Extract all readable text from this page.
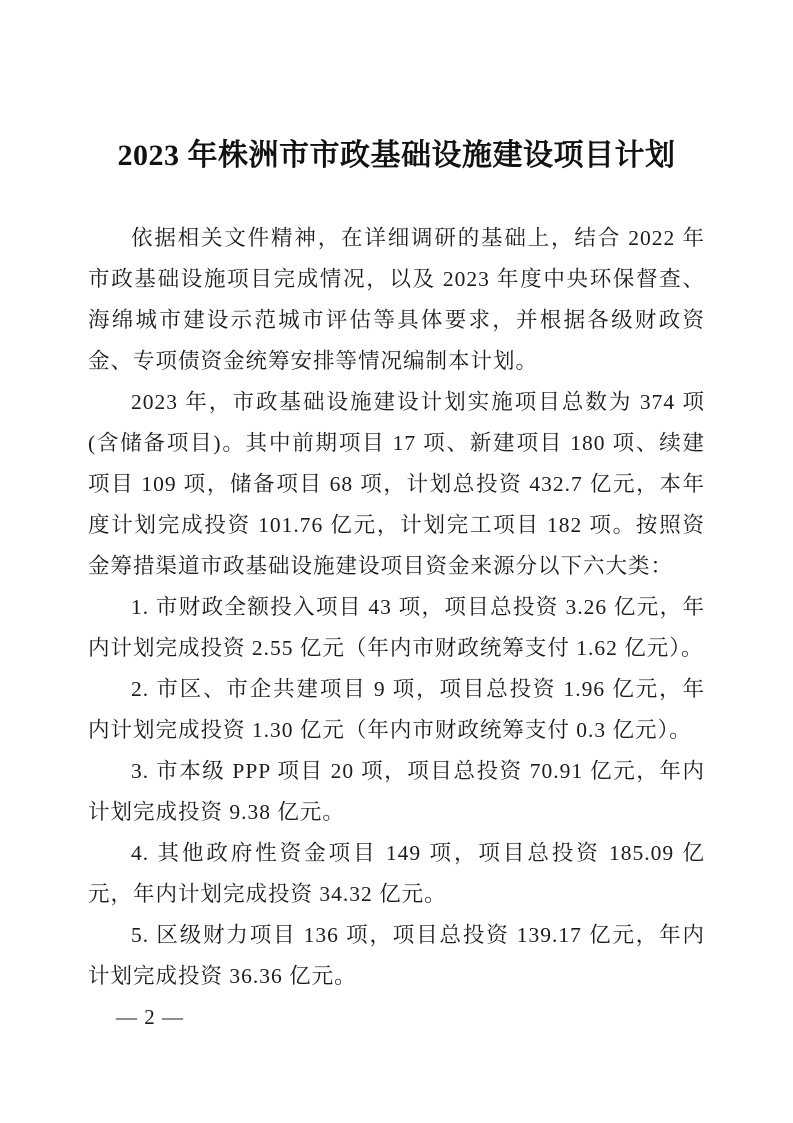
2023 年株洲市市政基础设施建设项目计划

依据相关文件精神，在详细调研的基础上，结合 2022 年市政基础设施项目完成情况，以及 2023 年度中央环保督查、海绵城市建设示范城市评估等具体要求，并根据各级财政资金、专项债资金统筹安排等情况编制本计划。

2023 年，市政基础设施建设计划实施项目总数为 374 项(含储备项目)。其中前期项目 17 项、新建项目 180 项、续建项目 109 项，储备项目 68 项，计划总投资 432.7 亿元，本年度计划完成投资 101.76 亿元，计划完工项目 182 项。按照资金筹措渠道市政基础设施建设项目资金来源分以下六大类：

1. 市财政全额投入项目 43 项，项目总投资 3.26 亿元，年内计划完成投资 2.55 亿元（年内市财政统筹支付 1.62 亿元）。

2. 市区、市企共建项目 9 项，项目总投资 1.96 亿元，年内计划完成投资 1.30 亿元（年内市财政统筹支付 0.3 亿元）。

3. 市本级 PPP 项目 20 项，项目总投资 70.91 亿元，年内计划完成投资 9.38 亿元。

4. 其他政府性资金项目 149 项，项目总投资 185.09 亿元，年内计划完成投资 34.32 亿元。

5. 区级财力项目 136 项，项目总投资 139.17 亿元，年内计划完成投资 36.36 亿元。

— 2 —
